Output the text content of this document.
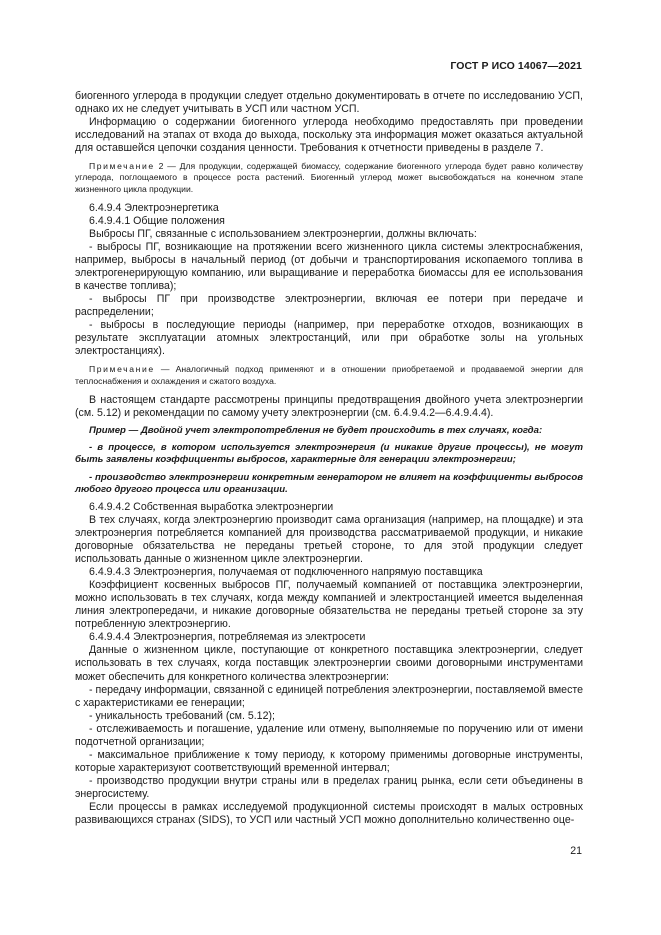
ГОСТ Р ИСО 14067—2021

биогенного углерода в продукции следует отдельно документировать в отчете по исследованию УСП, однако их не следует учитывать в УСП или частном УСП.

Информацию о содержании биогенного углерода необходимо предоставлять при проведении исследований на этапах от входа до выхода, поскольку эта информация может оказаться актуальной для оставшейся цепочки создания ценности. Требования к отчетности приведены в разделе 7.

Примечание 2 — Для продукции, содержащей биомассу, содержание биогенного углерода будет равно количеству углерода, поглощаемого в процессе роста растений. Биогенный углерод может высвобождаться на конечном этапе жизненного цикла продукции.

6.4.9.4 Электроэнергетика

6.4.9.4.1 Общие положения

Выбросы ПГ, связанные с использованием электроэнергии, должны включать:

- выбросы ПГ, возникающие на протяжении всего жизненного цикла системы электроснабжения, например, выбросы в начальный период (от добычи и транспортирования ископаемого топлива в электрогенерирующую компанию, или выращивание и переработка биомассы для ее использования в качестве топлива);

- выбросы ПГ при производстве электроэнергии, включая ее потери при передаче и распределении;

- выбросы в последующие периоды (например, при переработке отходов, возникающих в результате эксплуатации атомных электростанций, или при обработке золы на угольных электростанциях).

Примечание — Аналогичный подход применяют и в отношении приобретаемой и продаваемой энергии для теплоснабжения и охлаждения и сжатого воздуха.

В настоящем стандарте рассмотрены принципы предотвращения двойного учета электроэнергии (см. 5.12) и рекомендации по самому учету электроэнергии (см. 6.4.9.4.2—6.4.9.4.4).

Пример — Двойной учет электропотребления не будет происходить в тех случаях, когда:

- в процессе, в котором используется электроэнергия (и никакие другие процессы), не могут быть заявлены коэффициенты выбросов, характерные для генерации электроэнергии;

- производство электроэнергии конкретным генератором не влияет на коэффициенты выбросов любого другого процесса или организации.

6.4.9.4.2 Собственная выработка электроэнергии

В тех случаях, когда электроэнергию производит сама организация (например, на площадке) и эта электроэнергия потребляется компанией для производства рассматриваемой продукции, и никакие договорные обязательства не переданы третьей стороне, то для этой продукции следует использовать данные о жизненном цикле электроэнергии.

6.4.9.4.3 Электроэнергия, получаемая от подключенного напрямую поставщика

Коэффициент косвенных выбросов ПГ, получаемый компанией от поставщика электроэнергии, можно использовать в тех случаях, когда между компанией и электростанцией имеется выделенная линия электропередачи, и никакие договорные обязательства не переданы третьей стороне за эту потребленную электроэнергию.

6.4.9.4.4 Электроэнергия, потребляемая из электросети

Данные о жизненном цикле, поступающие от конкретного поставщика электроэнергии, следует использовать в тех случаях, когда поставщик электроэнергии своими договорными инструментами может обеспечить для конкретного количества электроэнергии:

- передачу информации, связанной с единицей потребления электроэнергии, поставляемой вместе с характеристиками ее генерации;

- уникальность требований (см. 5.12);

- отслеживаемость и погашение, удаление или отмену, выполняемые по поручению или от имени подотчетной организации;

- максимальное приближение к тому периоду, к которому применимы договорные инструменты, которые характеризуют соответствующий временной интервал;

- производство продукции внутри страны или в пределах границ рынка, если сети объединены в энергосистему.

Если процессы в рамках исследуемой продукционной системы происходят в малых островных развивающихся странах (SIDS), то УСП или частный УСП можно дополнительно количественно оце-

21
